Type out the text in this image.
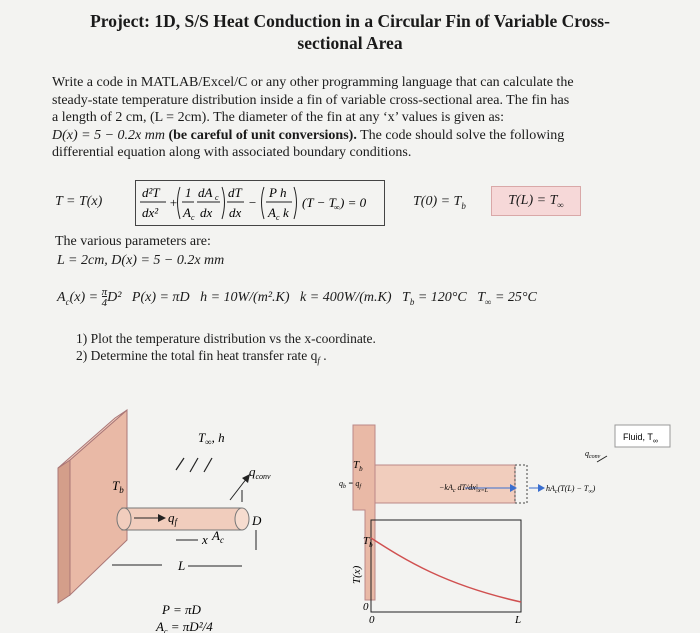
Project: 1D, S/S Heat Conduction in a Circular Fin of Variable Cross-
sectional Area
Write a code in MATLAB/Excel/C or any other programming language that can calculate the
steady-state temperature distribution inside a fin of variable cross-sectional area. The fin has
a length of 2 cm, (L = 2cm). The diameter of the fin at any ‘x’ values is given as:
D(x) = 5 − 0.2x mm (be careful of unit conversions). The code should solve the following
differential equation along with associated boundary conditions.
T = T(x)
d²T
dx²
+
1
A c
dA c
dx
dT
dx
−
P h
A c k
(T − T
∞ ) = 0	$T(0) = T_b$	$T(L) = T_\infty$
The various parameters are:
L = 2cm, D(x) = 5 − 0.2x mm
$A_c(x) = \frac{\pi}{4}D^2$ P(x) = πD h = 10W/(m².K) k = 400W/(m.K) $T_b = 120^\circ C$ $T_\infty = 25^\circ C$
1) Plot the temperature distribution vs the x-coordinate.
2) Determine the total fin heat transfer rate $q_f$ .
$T_\infty$, h
$q_{conv}$
$T_b$
$q_f$	D
x $A_c$
L
P = πD
$A_c = \pi D^2/4$
Fluid, $T_\infty$
$q_{conv}$
$T_b$
$q_b = q_f$	$-kA_c$ $dT/dx|_{x=L}$	$hA_c(T(L) - T_\infty)$
$T_b$
T(x)
0
0	L
